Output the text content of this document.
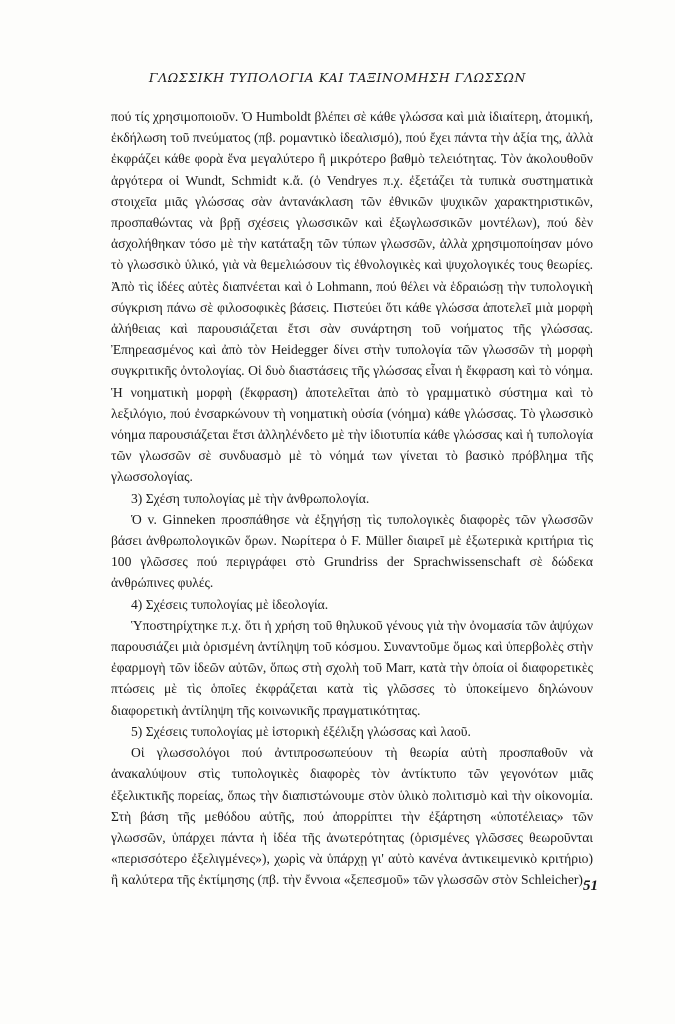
ΓΛΩΣΣΙΚΗ ΤΥΠΟΛΟΓΙΑ ΚΑΙ ΤΑΞΙΝΟΜΗΣΗ ΓΛΩΣΣΩΝ

πού τίς χρησιμοποιοῦν. Ὁ Humboldt βλέπει σὲ κάθε γλώσσα καὶ μιὰ ἰδιαίτερη, ἀτομική, ἐκδήλωση τοῦ πνεύματος (πβ. ρομαντικὸ ἰδεαλισμό), πού ἔχει πάντα τὴν ἀξία της, ἀλλὰ ἐκφράζει κάθε φορὰ ἕνα μεγαλύτερο ἢ μικρότερο βαθμὸ τελειότητας. Τὸν ἀκολουθοῦν ἀργότερα οἱ Wundt, Schmidt κ.ἄ. (ὁ Vendryes π.χ. ἐξετάζει τὰ τυπικὰ συστηματικὰ στοιχεῖα μιᾶς γλώσσας σὰν ἀντανάκλαση τῶν ἐθνικῶν ψυχικῶν χαρακτηριστικῶν, προσπαθώντας νὰ βρῇ σχέσεις γλωσσικῶν καὶ ἐξωγλωσσικῶν μοντέλων), πού δὲν ἀσχολήθηκαν τόσο μὲ τὴν κατάταξη τῶν τύπων γλωσσῶν, ἀλλὰ χρησιμοποίησαν μόνο τὸ γλωσσικὸ ὑλικό, γιὰ νὰ θεμελιώσουν τὶς ἐθνολογικὲς καὶ ψυχολογικές τους θεωρίες. Ἀπὸ τὶς ἰδέες αὐτὲς διαπνέεται καὶ ὁ Lohmann, πού θέλει νὰ ἑδραιώσῃ τὴν τυπολογικὴ σύγκριση πάνω σὲ φιλοσοφικὲς βάσεις. Πιστεύει ὅτι κάθε γλώσσα ἀποτελεῖ μιὰ μορφὴ ἀλήθειας καὶ παρουσιάζεται ἔτσι σὰν συνάρτηση τοῦ νοήματος τῆς γλώσσας. Ἐπηρεασμένος καὶ ἀπὸ τὸν Heidegger δίνει στὴν τυπολογία τῶν γλωσσῶν τὴ μορφὴ συγκριτικῆς ὀντολογίας. Οἱ δυὸ διαστάσεις τῆς γλώσσας εἶναι ἡ ἔκφραση καὶ τὸ νόημα. Ἡ νοηματικὴ μορφὴ (ἔκφραση) ἀποτελεῖται ἀπὸ τὸ γραμματικὸ σύστημα καὶ τὸ λεξιλόγιο, πού ἐνσαρκώνουν τὴ νοηματικὴ οὐσία (νόημα) κάθε γλώσσας. Τὸ γλωσσικὸ νόημα παρουσιάζεται ἔτσι ἀλληλένδετο μὲ τὴν ἰδιοτυπία κάθε γλώσσας καὶ ἡ τυπολογία τῶν γλωσσῶν σὲ συνδυασμὸ μὲ τὸ νόημά των γίνεται τὸ βασικὸ πρόβλημα τῆς γλωσσολογίας.

3) Σχέση τυπολογίας μὲ τὴν ἀνθρωπολογία.

Ὁ v. Ginneken προσπάθησε νὰ ἐξηγήσῃ τὶς τυπολογικὲς διαφορὲς τῶν γλωσσῶν βάσει ἀνθρωπολογικῶν ὅρων. Νωρίτερα ὁ F. Müller διαιρεῖ μὲ ἐξωτερικὰ κριτήρια τὶς 100 γλῶσσες πού περιγράφει στὸ Grundriss der Sprachwissenschaft σὲ δώδεκα ἀνθρώπινες φυλές.

4) Σχέσεις τυπολογίας μὲ ἰδεολογία.

Ὑποστηρίχτηκε π.χ. ὅτι ἡ χρήση τοῦ θηλυκοῦ γένους γιὰ τὴν ὀνομασία τῶν ἀψύχων παρουσιάζει μιὰ ὁρισμένη ἀντίληψη τοῦ κόσμου. Συναντοῦμε ὅμως καὶ ὑπερβολὲς στὴν ἐφαρμογὴ τῶν ἰδεῶν αὐτῶν, ὅπως στὴ σχολὴ τοῦ Marr, κατὰ τὴν ὁποία οἱ διαφορετικὲς πτώσεις μὲ τὶς ὁποῖες ἐκφράζεται κατὰ τὶς γλῶσσες τὸ ὑποκείμενο δηλώνουν διαφορετικὴ ἀντίληψη τῆς κοινωνικῆς πραγματικότητας.

5) Σχέσεις τυπολογίας μὲ ἱστορικὴ ἐξέλιξη γλώσσας καὶ λαοῦ.

Οἱ γλωσσολόγοι πού ἀντιπροσωπεύουν τὴ θεωρία αὐτὴ προσπαθοῦν νὰ ἀνακαλύψουν στὶς τυπολογικὲς διαφορὲς τὸν ἀντίκτυπο τῶν γεγονότων μιᾶς ἐξελικτικῆς πορείας, ὅπως τὴν διαπιστώνουμε στὸν ὑλικὸ πολιτισμὸ καὶ τὴν οἰκονομία. Στὴ βάση τῆς μεθόδου αὐτῆς, πού ἀπορρίπτει τὴν ἐξάρτηση «ὑποτέλειας» τῶν γλωσσῶν, ὑπάρχει πάντα ἡ ἰδέα τῆς ἀνωτερότητας (ὁρισμένες γλῶσσες θεωροῦνται «περισσότερο ἐξελιγμένες»), χωρὶς νὰ ὑπάρχῃ γι' αὐτὸ κανένα ἀντικειμενικὸ κριτήριο) ἢ καλύτερα τῆς ἐκτίμησης (πβ. τὴν ἔννοια «ξεπεσμοῦ» τῶν γλωσσῶν στὸν Schleicher).

51
